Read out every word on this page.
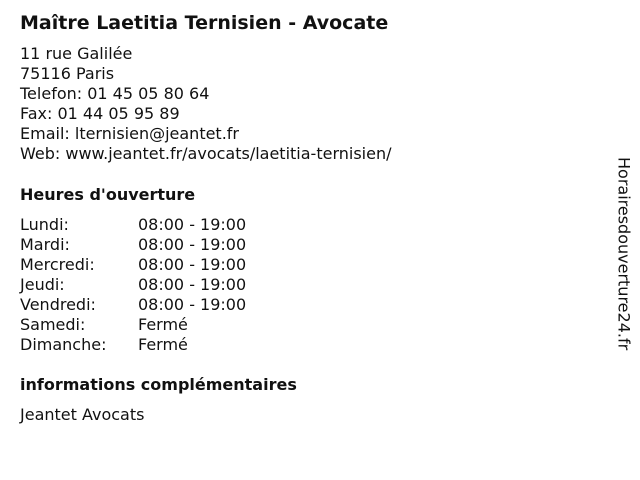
Maître Laetitia Ternisien - Avocate
11 rue Galilée
75116 Paris
Telefon: 01 45 05 80 64
Fax: 01 44 05 95 89
Email: lternisien@jeantet.fr
Web: www.jeantet.fr/avocats/laetitia-ternisien/
Heures d'ouverture
Lundi:	08:00 - 19:00
Mardi:	08:00 - 19:00
Mercredi:	08:00 - 19:00
Jeudi:	08:00 - 19:00
Vendredi:	08:00 - 19:00
Samedi:	Fermé
Dimanche:	Fermé
informations complémentaires
Jeantet Avocats
Horairesdouverture24.fr
